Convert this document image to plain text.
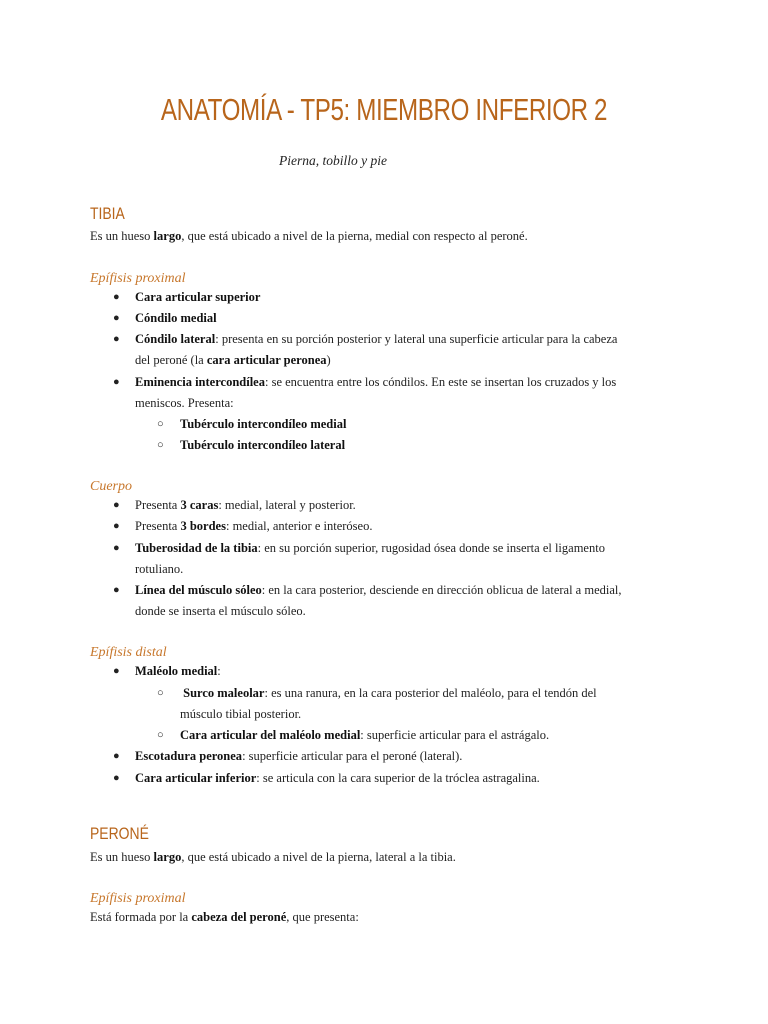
ANATOMÍA - TP5: MIEMBRO INFERIOR 2
Pierna, tobillo y pie
TIBIA
Es un hueso largo, que está ubicado a nivel de la pierna, medial con respecto al peroné.
Epífisis proximal
● Cara articular superior
● Cóndilo medial
● Cóndilo lateral: presenta en su porción posterior y lateral una superficie articular para la cabeza
del peroné (la cara articular peronea)
● Eminencia intercondílea: se encuentra entre los cóndilos. En este se insertan los cruzados y los
meniscos. Presenta:
○ Tubérculo intercondíleo medial
○ Tubérculo intercondíleo lateral
Cuerpo
● Presenta 3 caras: medial, lateral y posterior.
● Presenta 3 bordes: medial, anterior e interóseo.
● Tuberosidad de la tibia: en su porción superior, rugosidad ósea donde se inserta el ligamento
rotuliano.
● Línea del músculo sóleo: en la cara posterior, desciende en dirección oblicua de lateral a medial,
donde se inserta el músculo sóleo.
Epífisis distal
● Maléolo medial:
○ Surco maleolar: es una ranura, en la cara posterior del maléolo, para el tendón del
músculo tibial posterior.
○ Cara articular del maléolo medial: superficie articular para el astrágalo.
● Escotadura peronea: superficie articular para el peroné (lateral).
● Cara articular inferior: se articula con la cara superior de la tróclea astragalina.
PERONÉ
Es un hueso largo, que está ubicado a nivel de la pierna, lateral a la tibia.
Epífisis proximal
Está formada por la cabeza del peroné, que presenta:
